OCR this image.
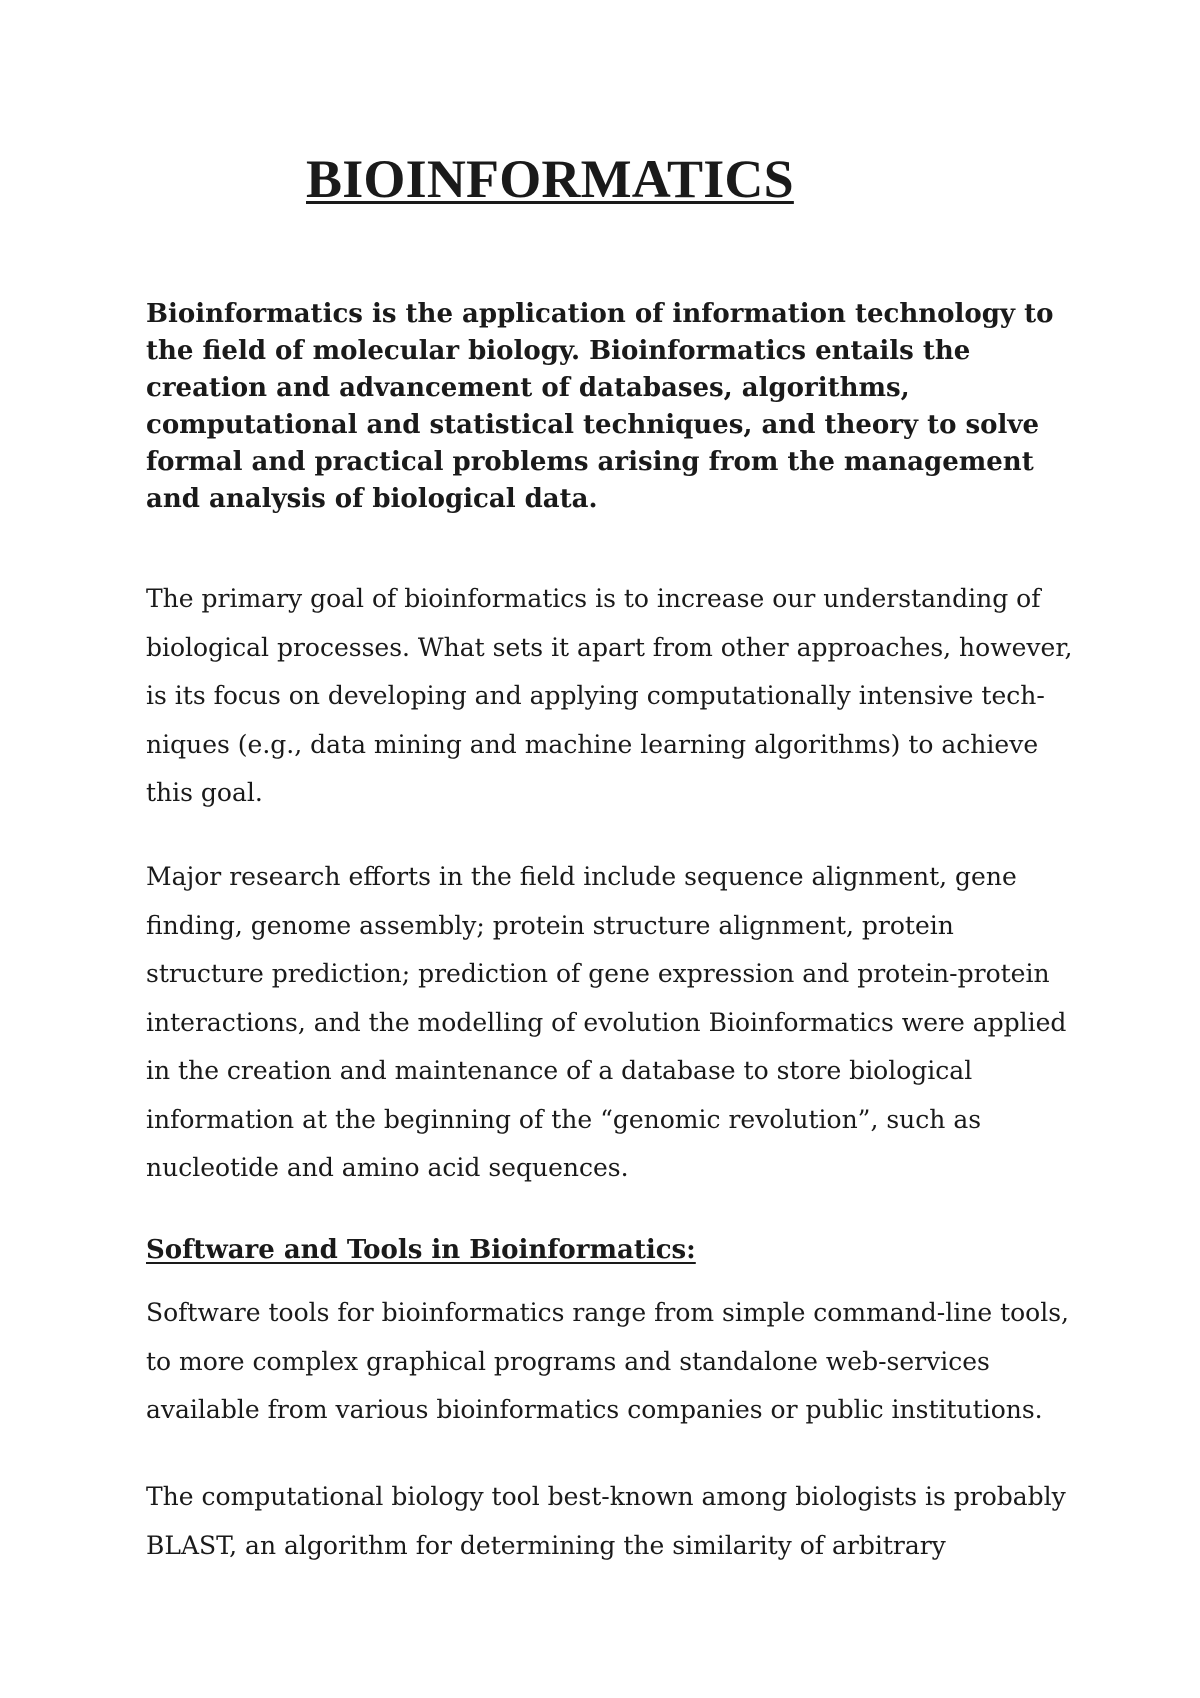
BIOINFORMATICS

Bioinformatics is the application of information technology to
the field of molecular biology. Bioinformatics entails the
creation and advancement of databases, algorithms,
computational and statistical techniques, and theory to solve
formal and practical problems arising from the management
and analysis of biological data.

The primary goal of bioinformatics is to increase our understanding of
biological processes. What sets it apart from other approaches, however,
is its focus on developing and applying computationally intensive tech-
niques (e.g., data mining and machine learning algorithms) to achieve
this goal.

Major research efforts in the field include sequence alignment, gene
finding, genome assembly; protein structure alignment, protein
structure prediction; prediction of gene expression and protein-protein
interactions, and the modelling of evolution Bioinformatics were applied
in the creation and maintenance of a database to store biological
information at the beginning of the “genomic revolution”, such as
nucleotide and amino acid sequences.

Software and Tools in Bioinformatics:

Software tools for bioinformatics range from simple command-line tools,
to more complex graphical programs and standalone web-services
available from various bioinformatics companies or public institutions.

The computational biology tool best-known among biologists is probably
BLAST, an algorithm for determining the similarity of arbitrary
